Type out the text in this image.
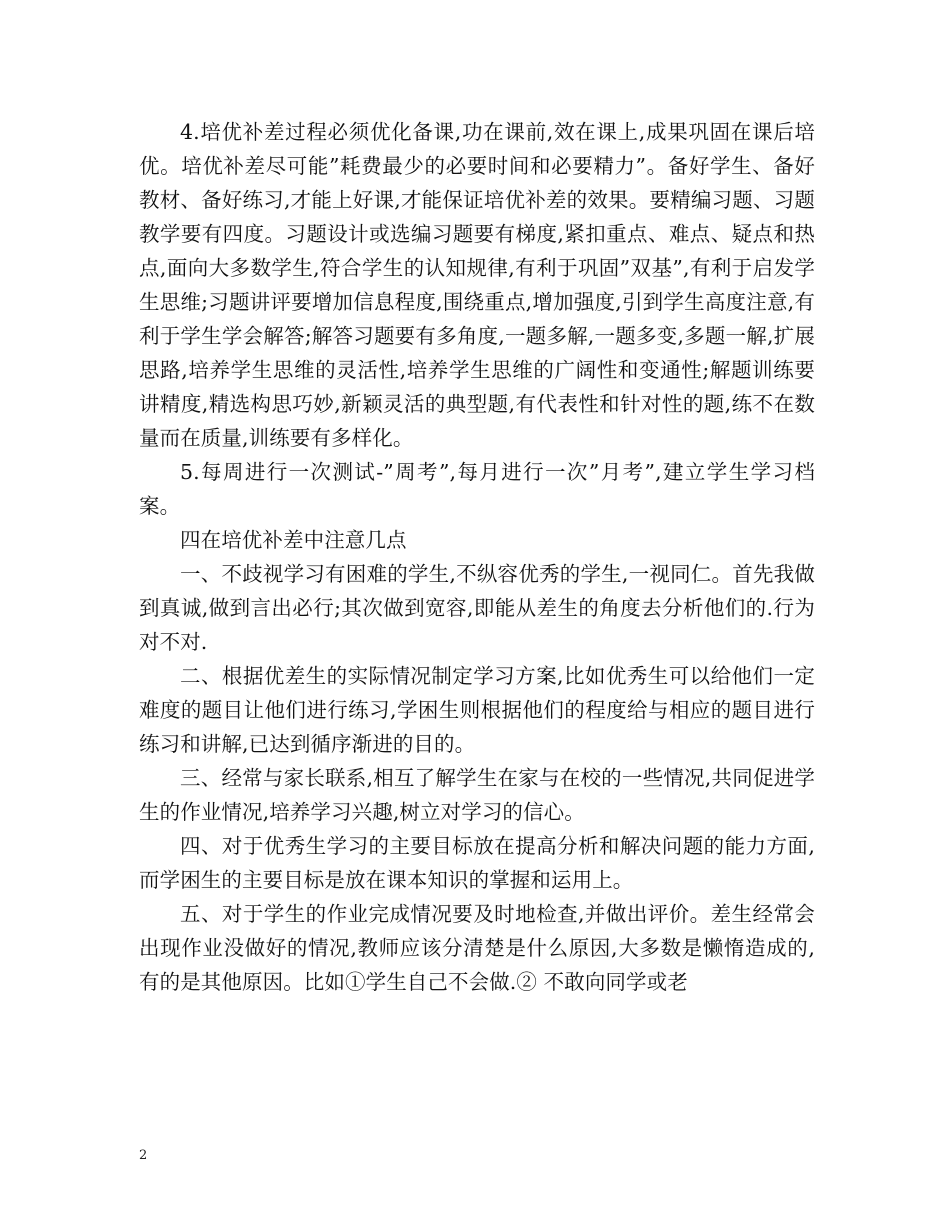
4.培优补差过程必须优化备课,功在课前,效在课上,成果巩固在课后培优。培优补差尽可能”耗费最少的必要时间和必要精力”。备好学生、备好教材、备好练习,才能上好课,才能保证培优补差的效果。要精编习题、习题教学要有四度。习题设计或选编习题要有梯度,紧扣重点、难点、疑点和热点,面向大多数学生,符合学生的认知规律,有利于巩固”双基”,有利于启发学生思维;习题讲评要增加信息程度,围绕重点,增加强度,引到学生高度注意,有利于学生学会解答;解答习题要有多角度,一题多解,一题多变,多题一解,扩展思路,培养学生思维的灵活性,培养学生思维的广阔性和变通性;解题训练要讲精度,精选构思巧妙,新颖灵活的典型题,有代表性和针对性的题,练不在数量而在质量,训练要有多样化。

5.每周进行一次测试-”周考”,每月进行一次”月考”,建立学生学习档案。

四在培优补差中注意几点

一、不歧视学习有困难的学生,不纵容优秀的学生,一视同仁。首先我做到真诚,做到言出必行;其次做到宽容,即能从差生的角度去分析他们的.行为对不对.

二、根据优差生的实际情况制定学习方案,比如优秀生可以给他们一定难度的题目让他们进行练习,学困生则根据他们的程度给与相应的题目进行练习和讲解,已达到循序渐进的目的。

三、经常与家长联系,相互了解学生在家与在校的一些情况,共同促进学生的作业情况,培养学习兴趣,树立对学习的信心。

四、对于优秀生学习的主要目标放在提高分析和解决问题的能力方面,而学困生的主要目标是放在课本知识的掌握和运用上。

五、对于学生的作业完成情况要及时地检查,并做出评价。差生经常会出现作业没做好的情况,教师应该分清楚是什么原因,大多数是懒惰造成的,有的是其他原因。比如①学生自己不会做.② 不敢向同学或老

2
